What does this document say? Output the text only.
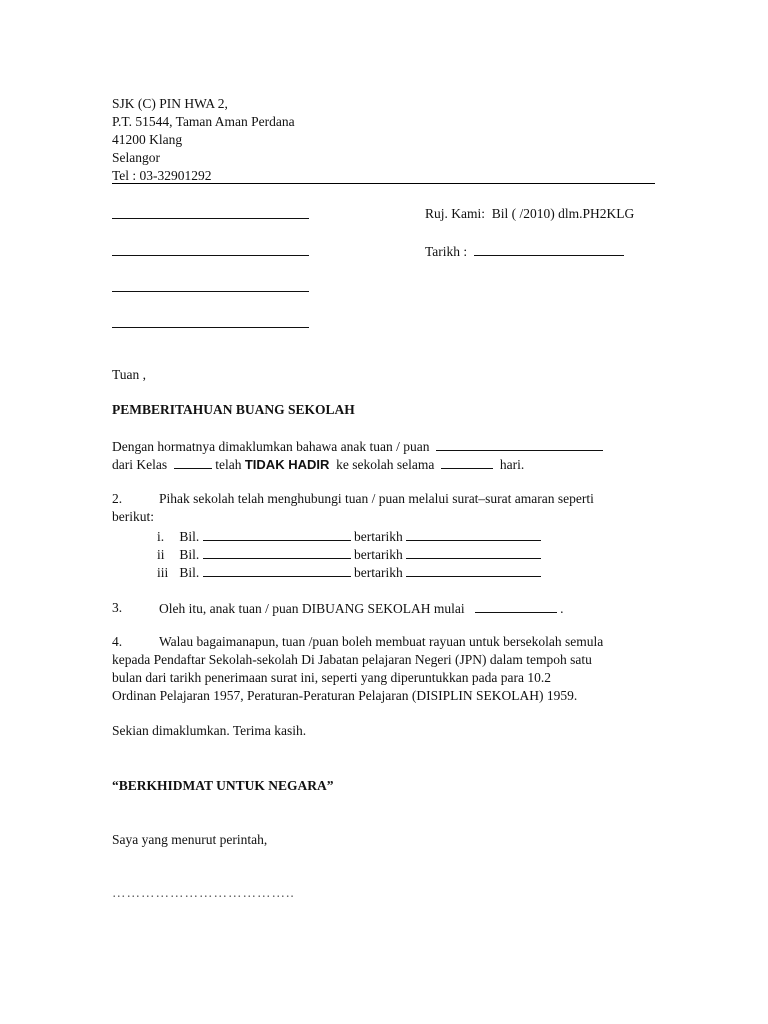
SJK (C) PIN HWA 2,
P.T. 51544, Taman Aman Perdana
41200 Klang
Selangor
Tel : 03-32901292
Ruj. Kami: Bil ( /2010) dlm.PH2KLG
Tarikh :
Tuan ,
PEMBERITAHUAN BUANG SEKOLAH
Dengan hormatnya dimaklumkan bahawa anak tuan / puan
dari Kelas	telah TIDAK HADIR ke sekolah selama	hari.
2.	Pihak sekolah telah menghubungi tuan / puan melalui surat–surat amaran seperti
berikut:
i. Bil.	bertarikh
ii Bil.	bertarikh
iii Bil.	bertarikh
3.	Oleh itu, anak tuan / puan DIBUANG SEKOLAH mulai	.
4.	Walau bagaimanapun, tuan /puan boleh membuat rayuan untuk bersekolah semula
kepada Pendaftar Sekolah-sekolah Di Jabatan pelajaran Negeri (JPN) dalam tempoh satu
bulan dari tarikh penerimaan surat ini, seperti yang diperuntukkan pada para 10.2
Ordinan Pelajaran 1957, Peraturan-Peraturan Pelajaran (DISIPLIN SEKOLAH) 1959.
Sekian dimaklumkan. Terima kasih.
“BERKHIDMAT UNTUK NEGARA”
Saya yang menurut perintah,
………………………………..
